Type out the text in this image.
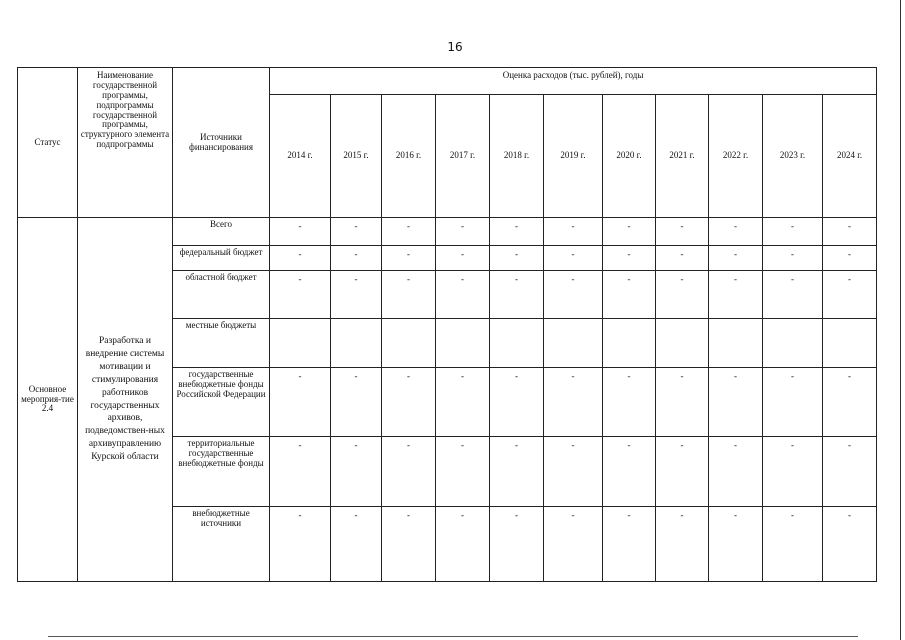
16
Статус	Наименование государственной программы, подпрограммы государственной программы, структурного элемента подпрограммы	Источники финансирования	Оценка расходов (тыс. рублей), годы										
			2014 г.	2015 г.	2016 г.	2017 г.	2018 г.	2019 г.	2020 г.	2021 г.	2022 г.	2023 г.	2024 г.
Основное мероприя-тие 2.4	Разработка и внедрение системы мотивации и стимулирования работников государственных архивов, подведомствен-ных архивуправлению Курской области	Всего	-	-	-	-	-	-	-	-	-	-	-
		федеральный бюджет	-	-	-	-	-	-	-	-	-	-	-
		областной бюджет	-	-	-	-	-	-	-	-	-	-	-
		местные бюджеты											
		государственные внебюджетные фонды Российской Федерации	-	-	-	-	-	-	-	-	-	-	-
		территориальные государственные внебюджетные фонды	-	-	-	-	-	-	-	-	-	-	-
		внебюджетные источники	-	-	-	-	-	-	-	-	-	-	-
